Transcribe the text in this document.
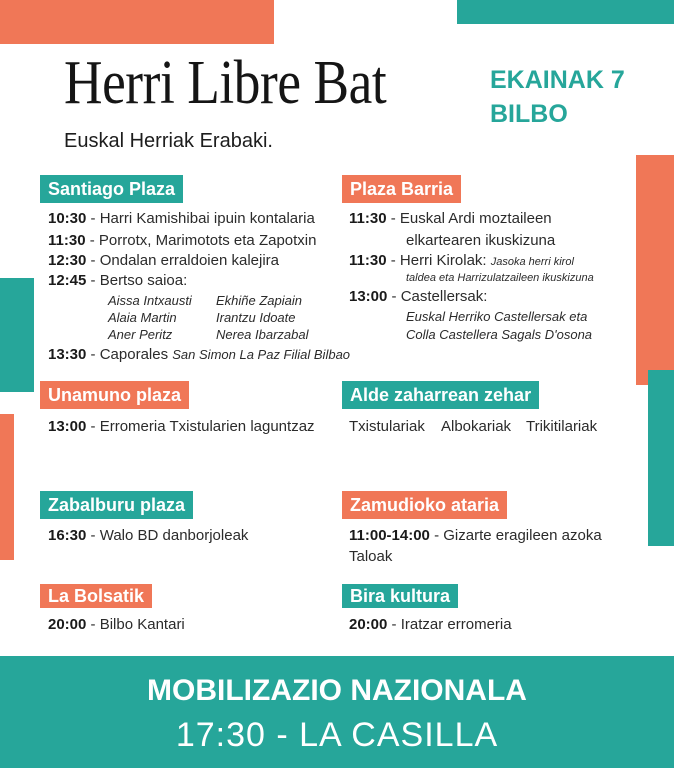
Herri Libre Bat
Euskal Herriak Erabaki.
EKAINAK 7
BILBO
Santiago Plaza
10:30 - Harri Kamishibai ipuin kontalaria
11:30 - Porrotx, Marimotots eta Zapotxin
12:30 - Ondalan erraldoien kalejira
12:45 - Bertso saioa:
Aissa Intxausti Ekhiñe Zapiain
Alaia Martin	Irantzu Idoate
Aner Peritz	Nerea Ibarzabal
13:30 - Caporales San Simon La Paz Filial Bilbao
Plaza Barria
11:30 - Euskal Ardi moztaileen
elkartearen ikuskizuna
11:30 - Herri Kirolak: Jasoka herri kirol
taldea eta Harrizulatzaileen ikuskizuna
13:00 - Castellersak:
Euskal Herriko Castellersak eta
Colla Castellera Sagals D'osona
Unamuno plaza
13:00 - Erromeria Txistularien laguntzaz
Alde zaharrean zehar
Txistulariak Albokariak Trikitilariak
Zabalburu plaza
16:30 - Walo BD danborjoleak
Zamudioko ataria
11:00-14:00 - Gizarte eragileen azoka
Taloak
La Bolsatik
20:00 - Bilbo Kantari
Bira kultura
20:00 - Iratzar erromeria
MOBILIZAZIO NAZIONALA
17:30 - LA CASILLA
